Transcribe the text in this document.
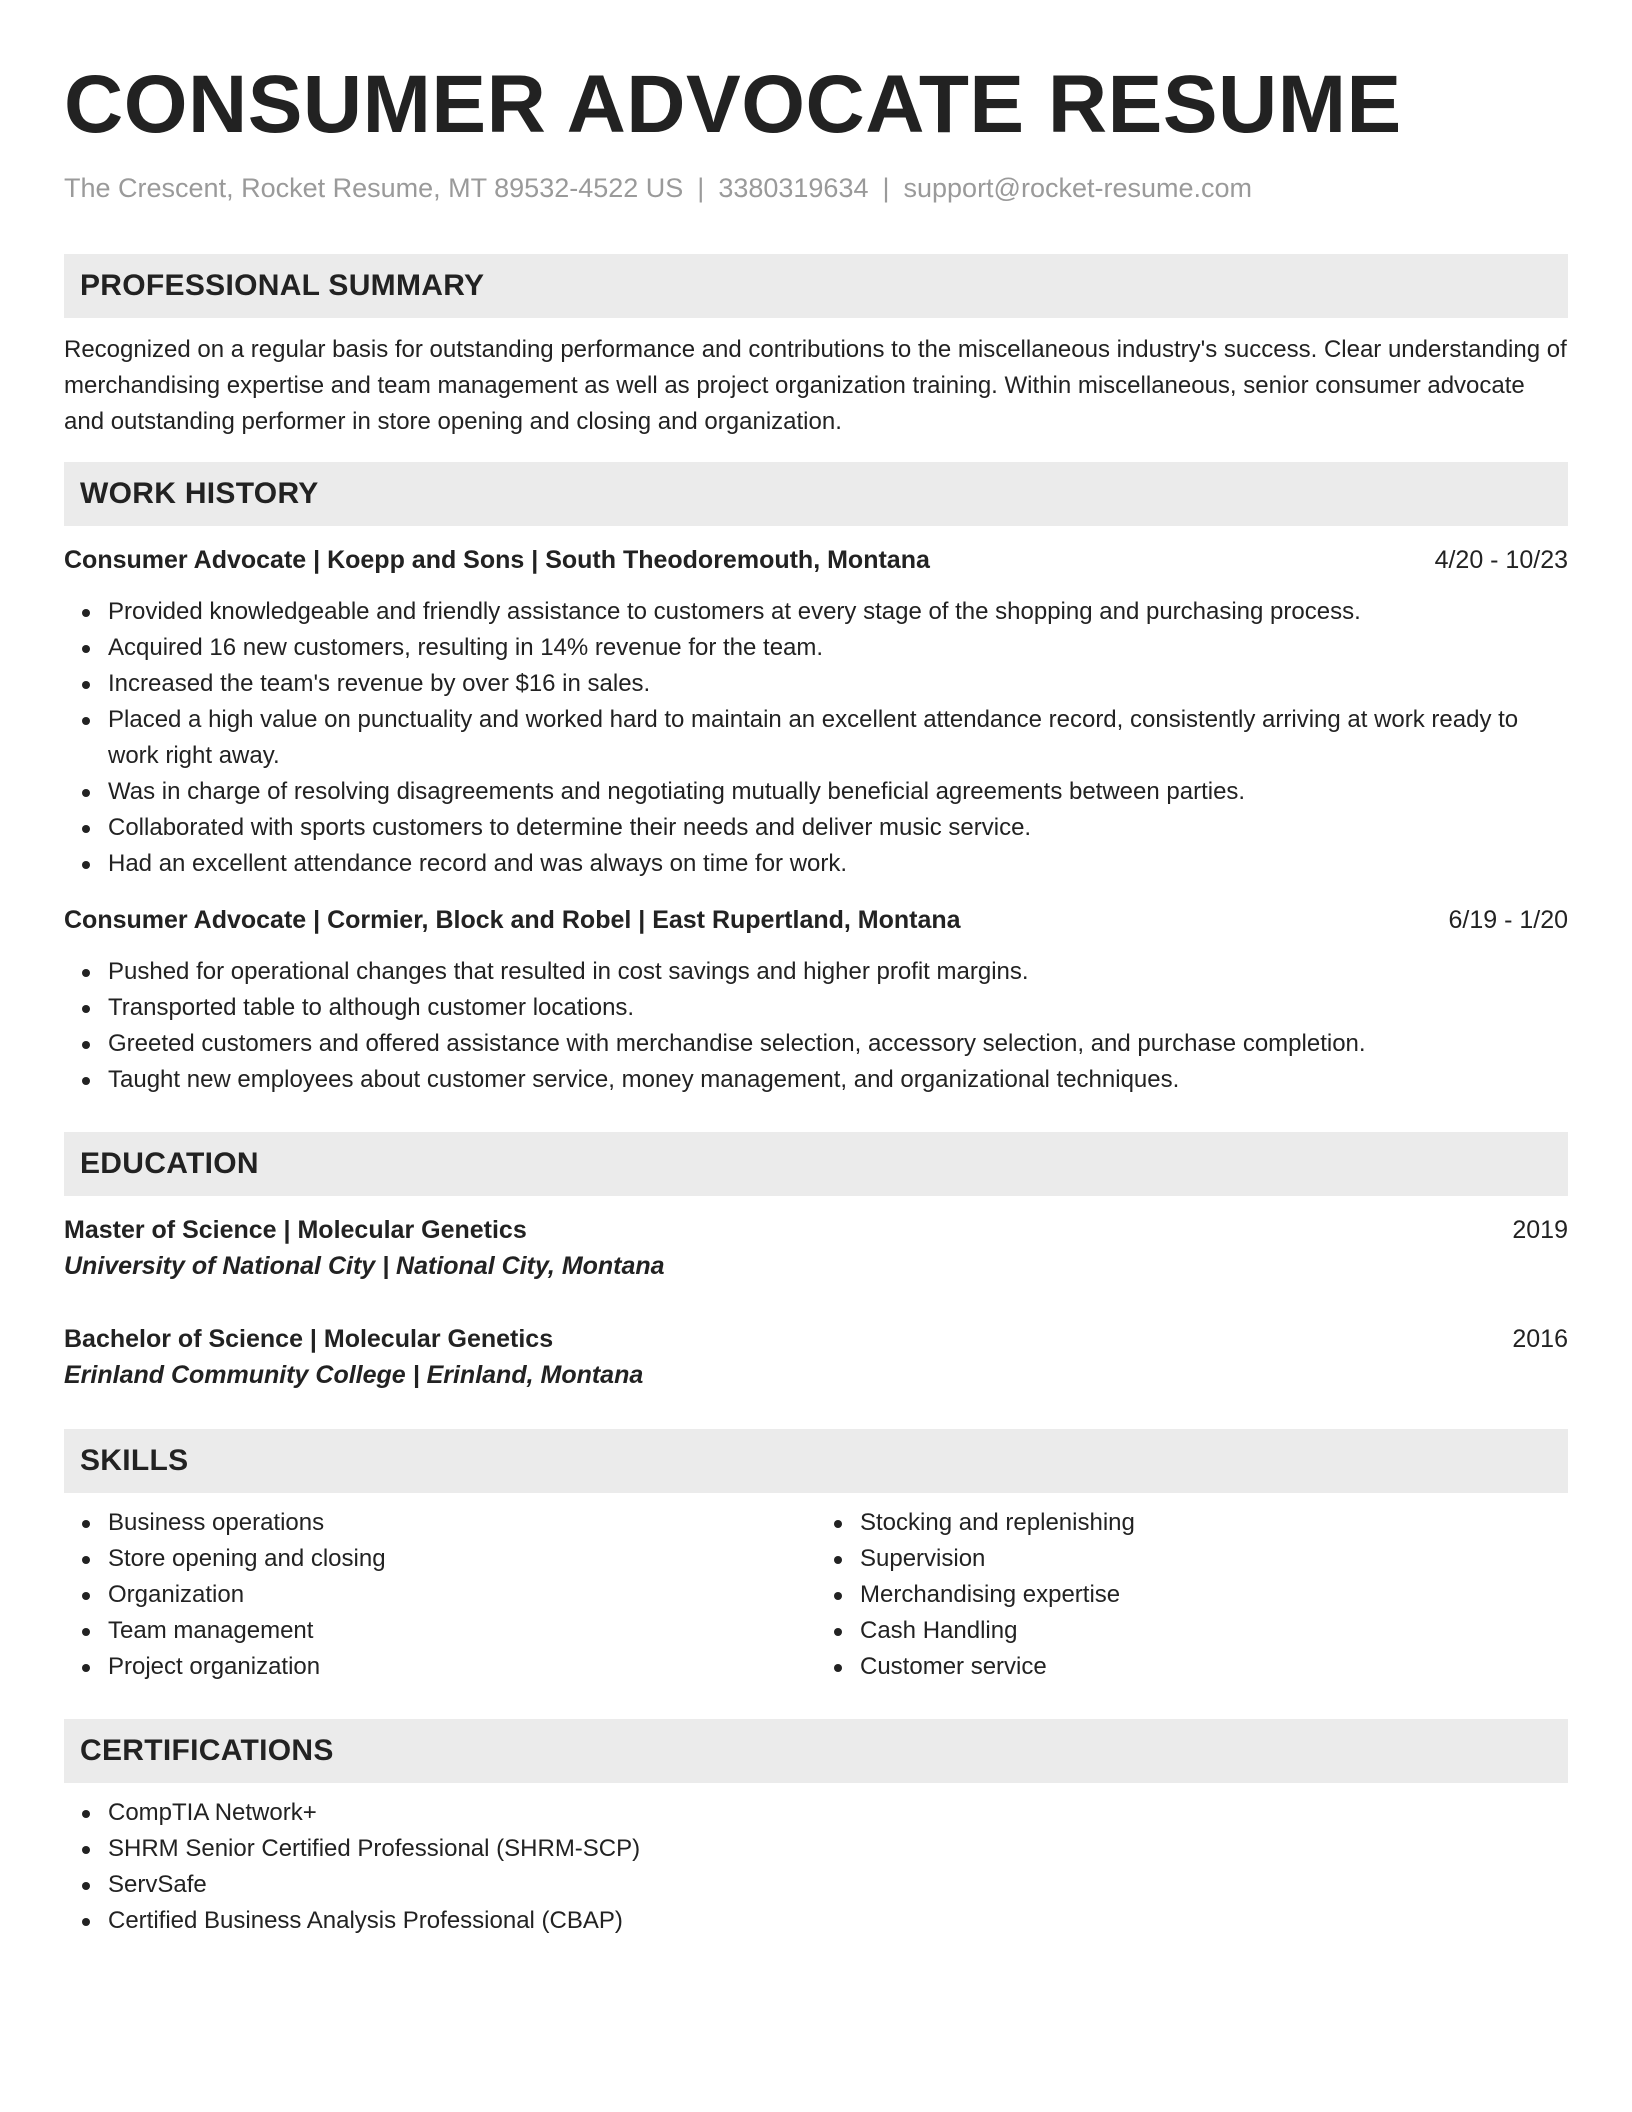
CONSUMER ADVOCATE RESUME
The Crescent, Rocket Resume, MT 89532-4522 US | 3380319634 | support@rocket-resume.com
PROFESSIONAL SUMMARY

Recognized on a regular basis for outstanding performance and contributions to the miscellaneous industry's success. Clear understanding of merchandising expertise and team management as well as project organization training. Within miscellaneous, senior consumer advocate and outstanding performer in store opening and closing and organization.

WORK HISTORY
Consumer Advocate | Koepp and Sons | South Theodoremouth, Montana	4/20 - 10/23
Provided knowledgeable and friendly assistance to customers at every stage of the shopping and purchasing process.
Acquired 16 new customers, resulting in 14% revenue for the team.
Increased the team's revenue by over $16 in sales.
Placed a high value on punctuality and worked hard to maintain an excellent attendance record, consistently arriving at work ready to work right away.
Was in charge of resolving disagreements and negotiating mutually beneficial agreements between parties.
Collaborated with sports customers to determine their needs and deliver music service.
Had an excellent attendance record and was always on time for work.
Consumer Advocate | Cormier, Block and Robel | East Rupertland, Montana	6/19 - 1/20
Pushed for operational changes that resulted in cost savings and higher profit margins.
Transported table to although customer locations.
Greeted customers and offered assistance with merchandise selection, accessory selection, and purchase completion.
Taught new employees about customer service, money management, and organizational techniques.
EDUCATION
Master of Science | Molecular Genetics	2019
University of National City | National City, Montana
Bachelor of Science | Molecular Genetics	2016
Erinland Community College | Erinland, Montana
SKILLS
Business operations
Store opening and closing
Organization
Team management
Project organization
Stocking and replenishing
Supervision
Merchandising expertise
Cash Handling
Customer service
CERTIFICATIONS
CompTIA Network+
SHRM Senior Certified Professional (SHRM-SCP)
ServSafe
Certified Business Analysis Professional (CBAP)
